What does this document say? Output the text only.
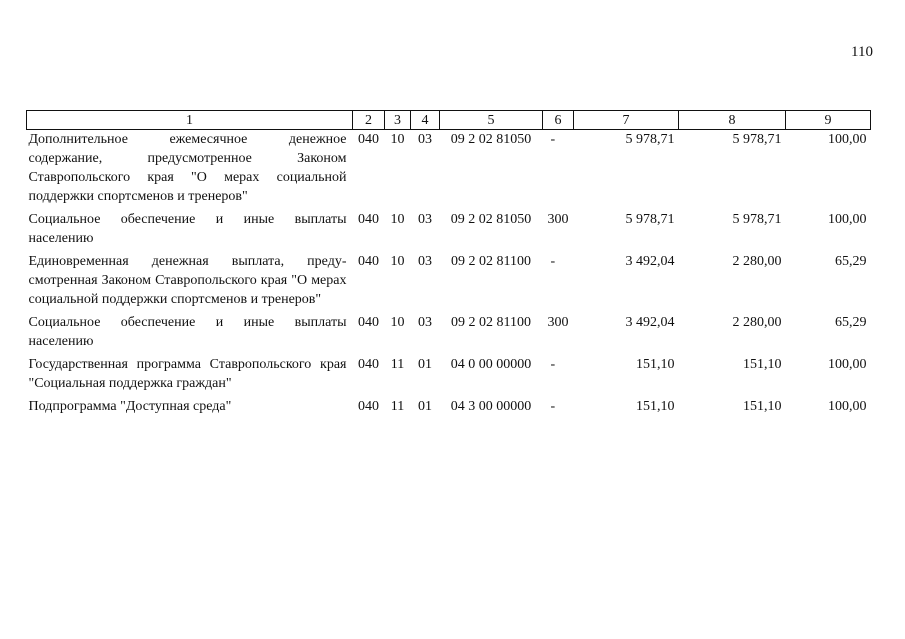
110
1	2	3	4	5	6	7	8	9
Дополнительное ежемесячное денежное содержание, предусмотренное Законом Ставропольского края "О мерах социальной поддержки спортсменов и тренеров"	040	10	03	09 2 02 81050	-	5 978,71	5 978,71	100,00
Социальное обеспечение и иные выплаты населению	040	10	03	09 2 02 81050	300	5 978,71	5 978,71	100,00
Единовременная денежная выплата, преду-смотренная Законом Ставропольского края "О мерах социальной поддержки спортсменов и тренеров"	040	10	03	09 2 02 81100	-	3 492,04	2 280,00	65,29
Социальное обеспечение и иные выплаты населению	040	10	03	09 2 02 81100	300	3 492,04	2 280,00	65,29
Государственная программа Ставропольского края "Социальная поддержка граждан"	040	11	01	04 0 00 00000	-	151,10	151,10	100,00
Подпрограмма "Доступная среда"	040	11	01	04 3 00 00000	-	151,10	151,10	100,00
